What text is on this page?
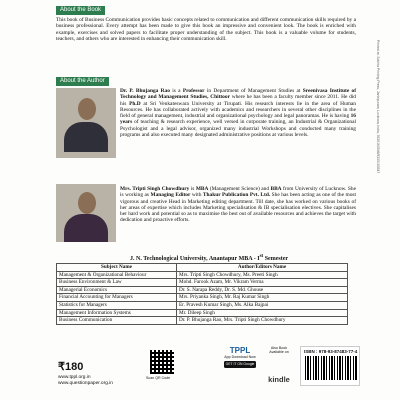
About the Book

This book of Business Communication provides basic concepts related to communication and different communication skills required by a business professional. Every attempt has been made to give this book an impressive and convenient look. The book is enriched with example, exercises and solved papers to facilitate proper understanding of the subject. This book is a valuable volume for students, teachers, and others who are interested in enhancing their communication skill.

About the Author

Dr. P. Bhujanga Rao is a Professor in Department of Management Studies at Sreenivasa Institute of Technology and Management Studies, Chittoor where he has been a faculty member since 2011. He did his Ph.D at Sri Venkateswara University at Tirupati. His research interests lie in the area of Human Resources. He has collaborated actively with academics and researchers in several other disciplines in the field of general management, industrial and organizational psychology and legal panoramas. He is having 16 years of teaching & research experience, well versed in corporate training, an Industrial & Organizational Psychologist and a legal advisor, organized many industrial Workshops and conducted many training programs and also executed many designated administrative positions at various levels.

Mrs. Tripti Singh Chowdhury is MBA (Management Science) and BBA from University of Lucknow. She is working as Managing Editor with Thakur Publication Pvt. Ltd. She has been acting as one of the most vigorous and creative Head in Marketing editing department. Till date, she has worked on various books of her areas of expertise which includes Marketing specialisation & IB specialisation electives. She capitalises her hard work and potential so as to maximise the best out of available resources and achieves the target with dedication and proactive efforts.

J. N. Technological University, Anantapur MBA - Ist Semester
Subject Name	Author/Editors Name
Management & Organizational Behaviour	Mrs. Tripti Singh Chowdhury, Ms. Preeti Singh
Business Environment & Law	Mohd. Farook Azam, Mr. Vikram Verma
Managerial Economics	Dr. S. Narapa Reddy, Dr. S. Md. Ghouse
Financial Accounting for Managers	Mrs. Priyanka Singh, Mr. Raj Kumar Singh
Statistics for Managers	Er. Pravesh Kumar Singh, Ms. Alka Bajpai
Management Information Systems	Mr. Dileep Singh
Business Communication	Dr. P. Bhujanga Rao, Mrs. Tripti Singh Chowdhury
₹180
www.tppl.org.in
www.questionpaper.org.in
Scan QR Code
TPPL
App Download Now
GET IT ON Google Play
Also Book Available on
kindle
ISBN : 978-93-87483-77-4
Printed at: Sokhta Printing Press, Jankipuram, Lucknow, India, 9335163546/9335163547
